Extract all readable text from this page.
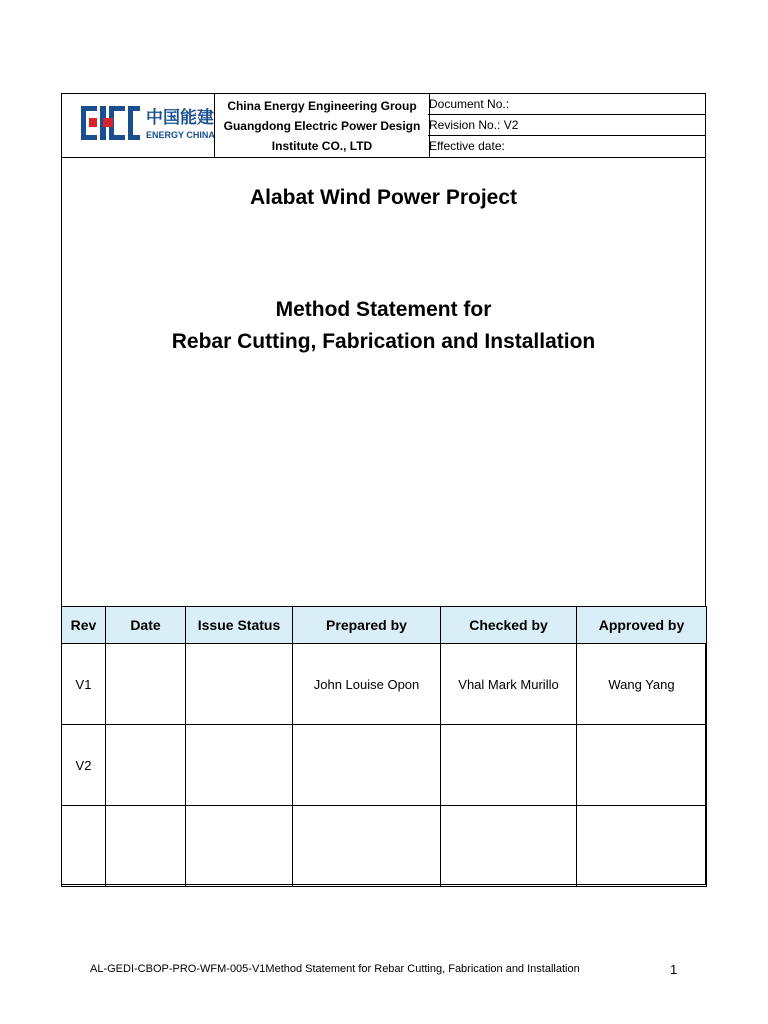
中国能建
ENERGY CHINA
China Energy Engineering Group
Guangdong Electric Power Design
Institute CO., LTD
Document No.:
Revision No.: V2
Effective date:
Alabat Wind Power Project
Method Statement for
Rebar Cutting, Fabrication and Installation
Rev	Date	Issue Status	Prepared by	Checked by	Approved by
V1			John Louise Opon	Vhal Mark Murillo	Wang Yang
V2					

AL-GEDI-CBOP-PRO-WFM-005-V1Method Statement for Rebar Cutting, Fabrication and Installation	1
